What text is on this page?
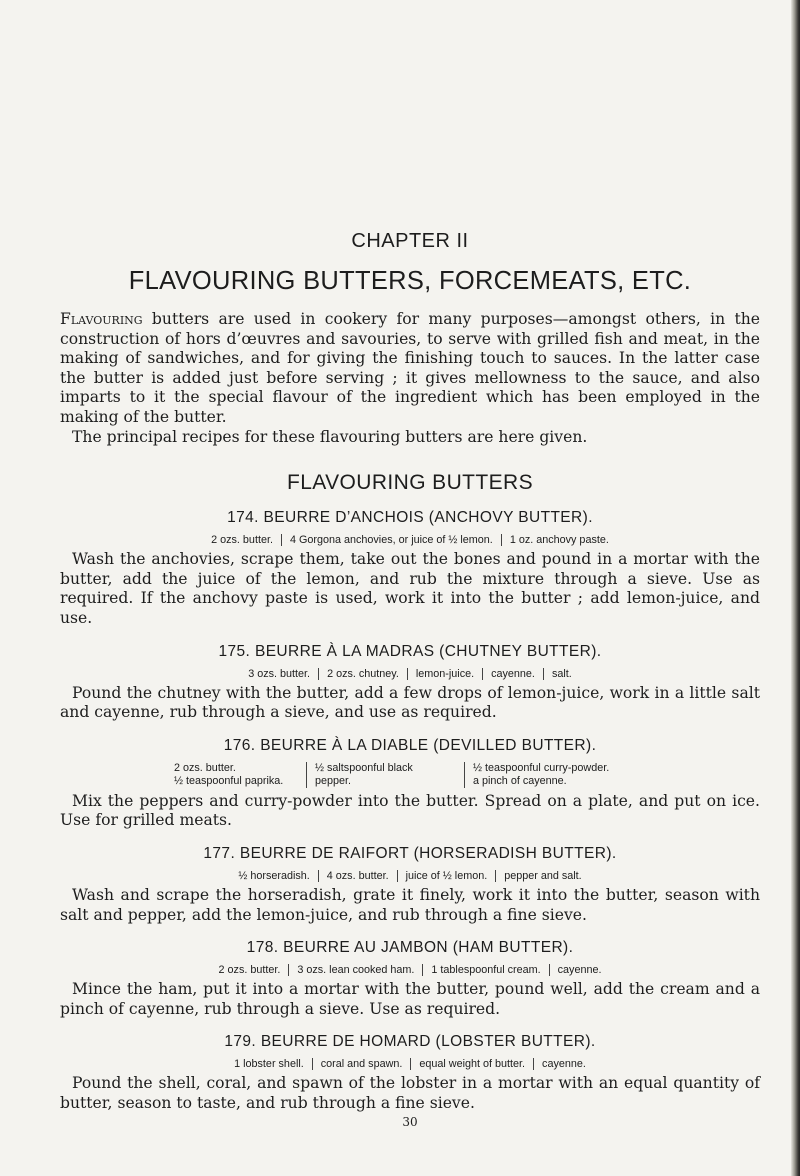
CHAPTER II
FLAVOURING BUTTERS, FORCEMEATS, ETC.

Flavouring butters are used in cookery for many purposes—amongst others, in the construction of hors d’œuvres and savouries, to serve with grilled fish and meat, in the making of sandwiches, and for giving the finishing touch to sauces. In the latter case the butter is added just before serving ; it gives mellowness to the sauce, and also imparts to it the special flavour of the ingredient which has been employed in the making of the butter.

The principal recipes for these flavouring butters are here given.

FLAVOURING BUTTERS
174. BEURRE D’ANCHOIS (ANCHOVY BUTTER).
2 ozs. butter.	4 Gorgona anchovies, or juice of ½ lemon.	1 oz. anchovy paste.

Wash the anchovies, scrape them, take out the bones and pound in a mortar with the butter, add the juice of the lemon, and rub the mixture through a sieve. Use as required. If the anchovy paste is used, work it into the butter ; add lemon-juice, and use.

175. BEURRE À LA MADRAS (CHUTNEY BUTTER).
3 ozs. butter.	2 ozs. chutney.	lemon-juice.	cayenne.	salt.

Pound the chutney with the butter, add a few drops of lemon-juice, work in a little salt and cayenne, rub through a sieve, and use as required.

176. BEURRE À LA DIABLE (DEVILLED BUTTER).
2 ozs. butter.	½ saltspoonful black	½ teaspoonful curry-powder.
½ teaspoonful paprika.	pepper.	a pinch of cayenne.

Mix the peppers and curry-powder into the butter. Spread on a plate, and put on ice. Use for grilled meats.

177. BEURRE DE RAIFORT (HORSERADISH BUTTER).
½ horseradish.	4 ozs. butter.	juice of ½ lemon.	pepper and salt.

Wash and scrape the horseradish, grate it finely, work it into the butter, season with salt and pepper, add the lemon-juice, and rub through a fine sieve.

178. BEURRE AU JAMBON (HAM BUTTER).
2 ozs. butter.	3 ozs. lean cooked ham.	1 tablespoonful cream.	cayenne.

Mince the ham, put it into a mortar with the butter, pound well, add the cream and a pinch of cayenne, rub through a sieve. Use as required.

179. BEURRE DE HOMARD (LOBSTER BUTTER).
1 lobster shell.	coral and spawn.	equal weight of butter.	cayenne.

Pound the shell, coral, and spawn of the lobster in a mortar with an equal quantity of butter, season to taste, and rub through a fine sieve.

30
